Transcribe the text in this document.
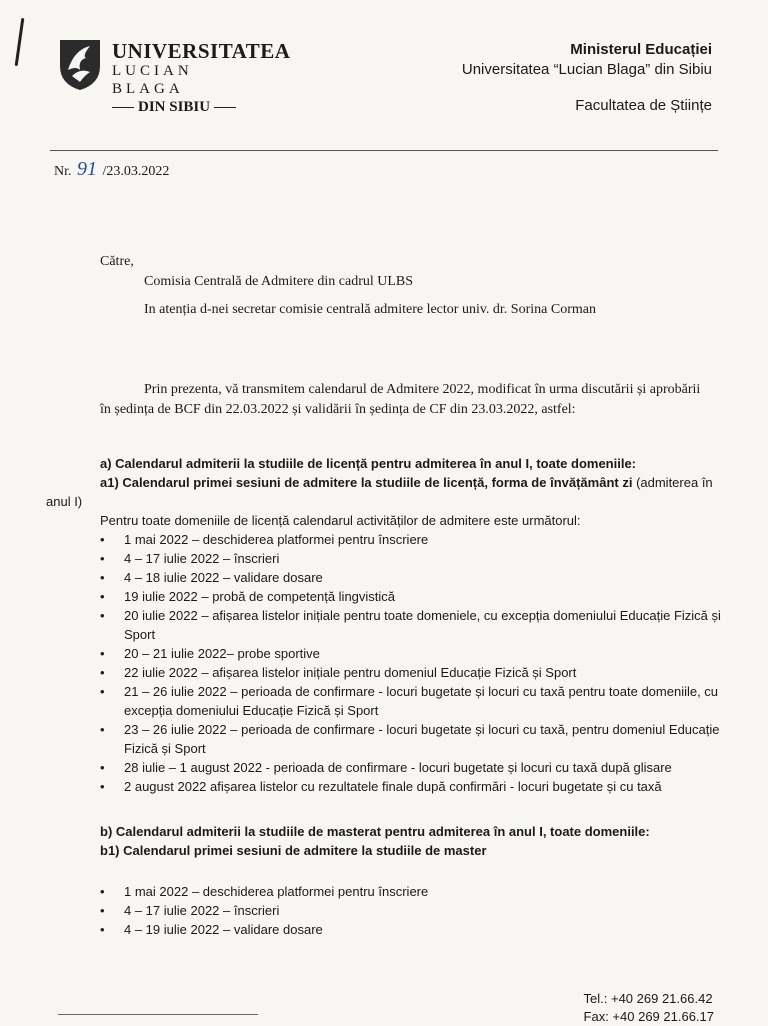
UNIVERSITATEA
LUCIAN BLAGA
DIN SIBIU
Ministerul Educației
Universitatea “Lucian Blaga” din Sibiu
Facultatea de Științe
Nr. 91 /23.03.2022
Către,
Comisia Centrală de Admitere din cadrul ULBS
In atenția d-nei secretar comisie centrală admitere lector univ. dr. Sorina Corman
Prin prezenta, vă transmitem calendarul de Admitere 2022, modificat în urma discutării și aprobării în ședința de BCF din 22.03.2022 și validării în ședința de CF din 23.03.2022, astfel:
a) Calendarul admiterii la studiile de licență pentru admiterea în anul I, toate domeniile:
a1) Calendarul primei sesiuni de admitere la studiile de licență, forma de învățământ zi (admiterea în anul I)
Pentru toate domeniile de licență calendarul activităților de admitere este următorul:
• 1 mai 2022 – deschiderea platformei pentru înscriere
• 4 – 17 iulie 2022 – înscrieri
• 4 – 18 iulie 2022 – validare dosare
• 19 iulie 2022 – probă de competență lingvistică
• 20 iulie 2022 – afișarea listelor inițiale pentru toate domeniele, cu excepția domeniului Educație Fizică și Sport
• 20 – 21 iulie 2022– probe sportive
• 22 iulie 2022 – afișarea listelor inițiale pentru domeniul Educație Fizică și Sport
• 21 – 26 iulie 2022 – perioada de confirmare - locuri bugetate și locuri cu taxă pentru toate domeniile, cu excepția domeniului Educație Fizică și Sport
• 23 – 26 iulie 2022 – perioada de confirmare - locuri bugetate și locuri cu taxă, pentru domeniul Educație Fizică și Sport
• 28 iulie – 1 august 2022 - perioada de confirmare - locuri bugetate și locuri cu taxă după glisare
• 2 august 2022 afișarea listelor cu rezultatele finale după confirmări - locuri bugetate și cu taxă
b) Calendarul admiterii la studiile de masterat pentru admiterea în anul I, toate domeniile:
b1) Calendarul primei sesiuni de admitere la studiile de master
• 1 mai 2022 – deschiderea platformei pentru înscriere
• 4 – 17 iulie 2022 – înscrieri
• 4 – 19 iulie 2022 – validare dosare
Tel.: +40 269 21.66.42
Fax: +40 269 21.66.17
